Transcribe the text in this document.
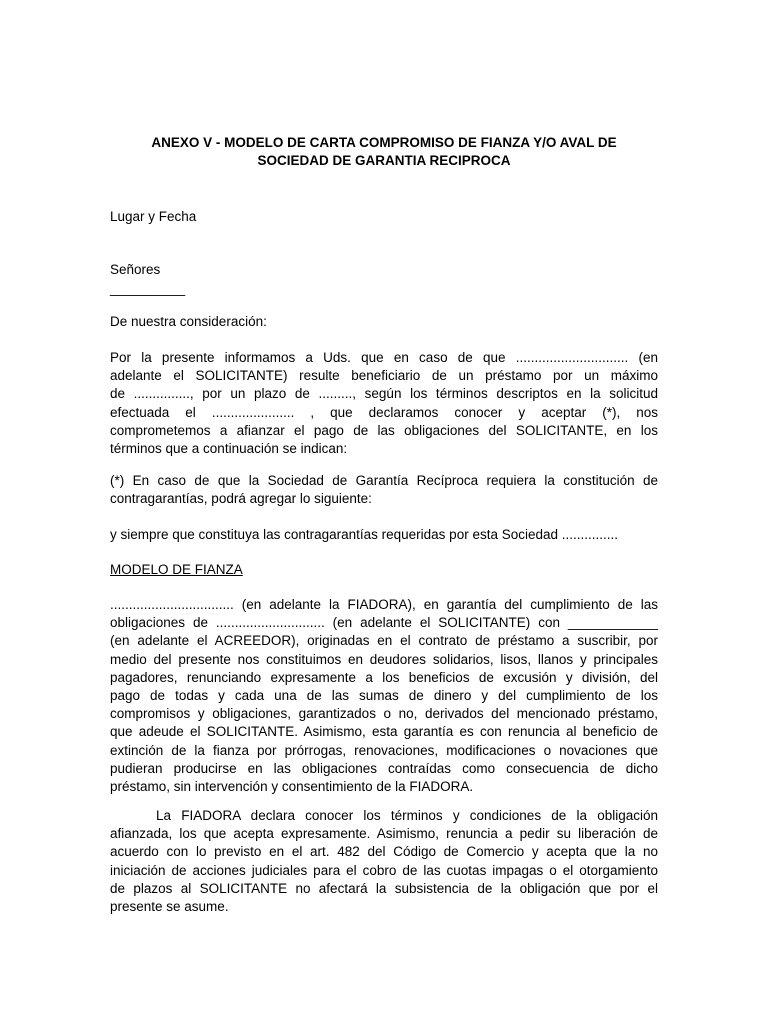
ANEXO V - MODELO DE CARTA COMPROMISO DE FIANZA Y/O AVAL DE
SOCIEDAD DE GARANTIA RECIPROCA
Lugar y Fecha
Señores
__________
De nuestra consideración:
Por la presente informamos a Uds. que en caso de que .............................. (en
adelante el SOLICITANTE) resulte beneficiario de un préstamo por un máximo
de ..............., por un plazo de ........., según los términos descriptos en la solicitud
efectuada el ...................... , que declaramos conocer y aceptar (*), nos
comprometemos a afianzar el pago de las obligaciones del SOLICITANTE, en los
términos que a continuación se indican:
(*) En caso de que la Sociedad de Garantía Recíproca requiera la constitución de
contragarantías, podrá agregar lo siguiente:
y siempre que constituya las contragarantías requeridas por esta Sociedad ...............
MODELO DE FIANZA
................................. (en adelante la FIADORA), en garantía del cumplimiento de las
obligaciones de ............................. (en adelante el SOLICITANTE) con ____________
(en adelante el ACREEDOR), originadas en el contrato de préstamo a suscribir, por
medio del presente nos constituimos en deudores solidarios, lisos, llanos y principales
pagadores, renunciando expresamente a los beneficios de excusión y división, del
pago de todas y cada una de las sumas de dinero y del cumplimiento de los
compromisos y obligaciones, garantizados o no, derivados del mencionado préstamo,
que adeude el SOLICITANTE. Asimismo, esta garantía es con renuncia al beneficio de
extinción de la fianza por prórrogas, renovaciones, modificaciones o novaciones que
pudieran producirse en las obligaciones contraídas como consecuencia de dicho
préstamo, sin intervención y consentimiento de la FIADORA.
La FIADORA declara conocer los términos y condiciones de la obligación
afianzada, los que acepta expresamente. Asimismo, renuncia a pedir su liberación de
acuerdo con lo previsto en el art. 482 del Código de Comercio y acepta que la no
iniciación de acciones judiciales para el cobro de las cuotas impagas o el otorgamiento
de plazos al SOLICITANTE no afectará la subsistencia de la obligación que por el
presente se asume.
